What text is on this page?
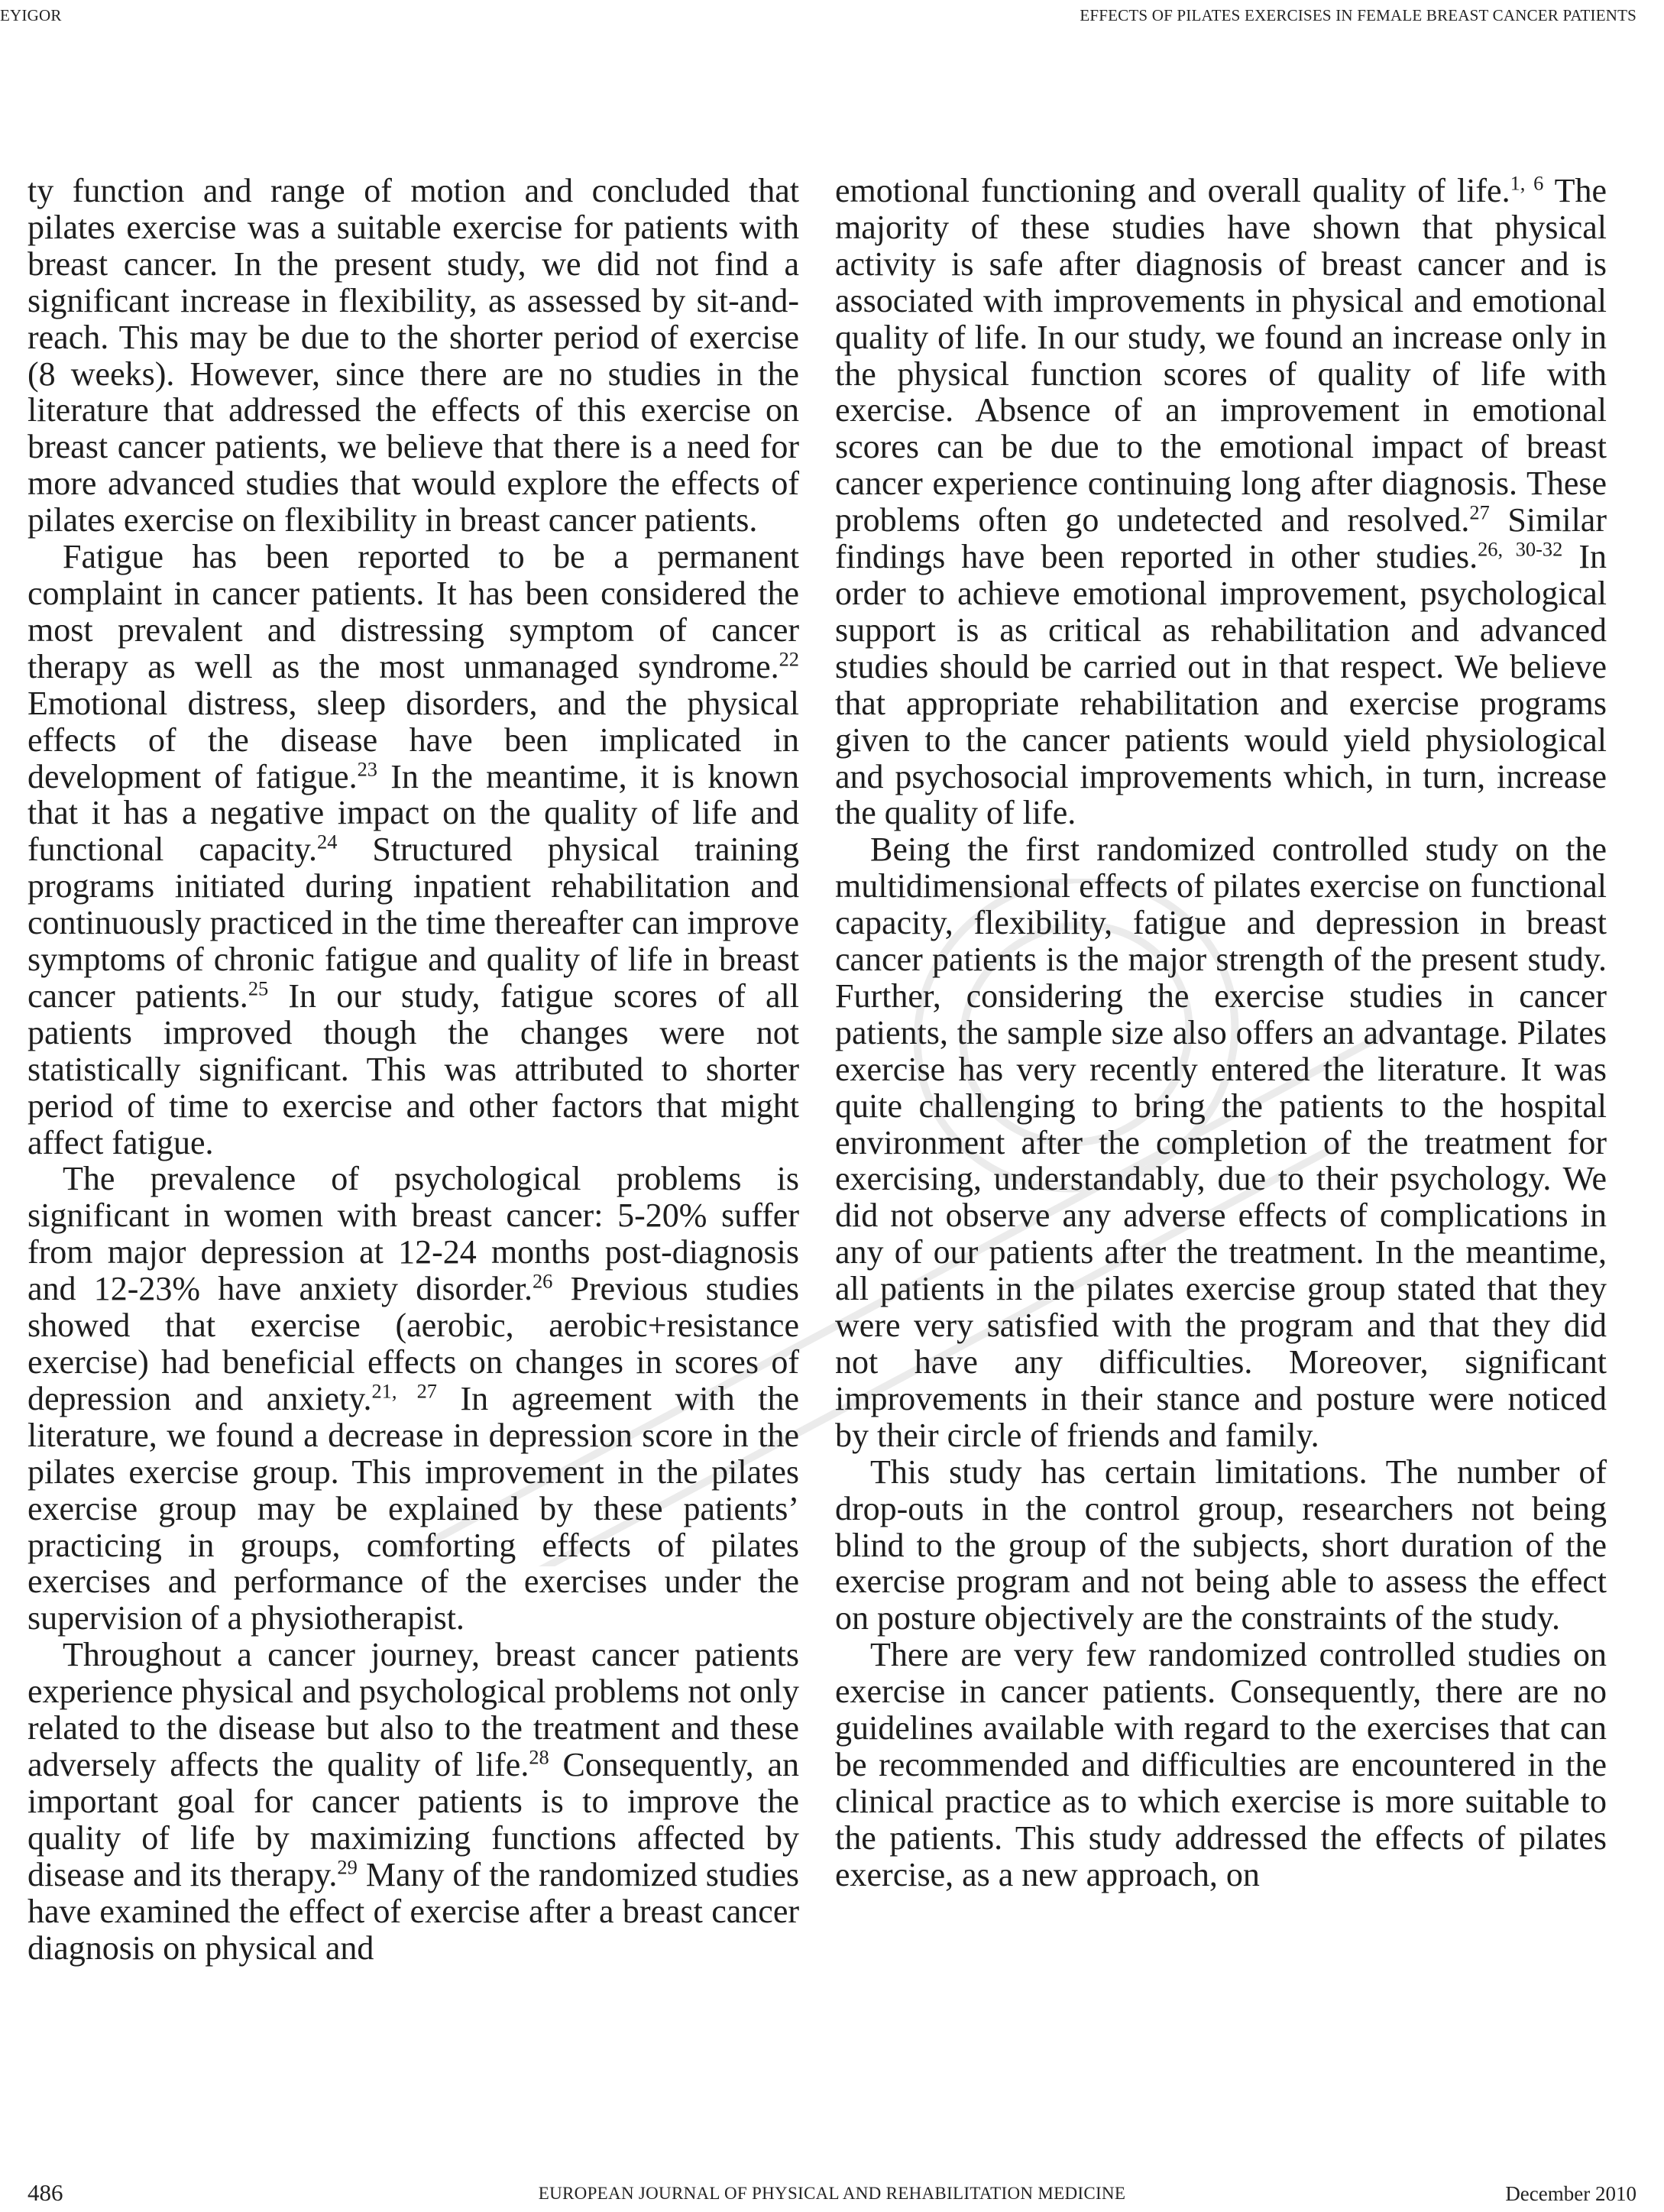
EYIGOR	EFFECTS OF PILATES EXERCISES IN FEMALE BREAST CANCER PATIENTS

ty function and range of motion and concluded that pilates exercise was a suitable exercise for patients with breast cancer. In the present study, we did not find a significant increase in flexibility, as assessed by sit-and-reach. This may be due to the shorter period of exercise (8 weeks). However, since there are no studies in the literature that addressed the effects of this exercise on breast cancer patients, we believe that there is a need for more advanced studies that would explore the effects of pilates exercise on flexibility in breast cancer patients.

Fatigue has been reported to be a permanent complaint in cancer patients. It has been considered the most prevalent and distressing symptom of cancer therapy as well as the most unmanaged syndrome.$^{22}$ Emotional distress, sleep disorders, and the physical effects of the disease have been implicated in development of fatigue.$^{23}$ In the meantime, it is known that it has a negative impact on the quality of life and functional capacity.$^{24}$ Structured physical training programs initiated during inpatient rehabilitation and continuously practiced in the time thereafter can improve symptoms of chronic fatigue and quality of life in breast cancer patients.$^{25}$ In our study, fatigue scores of all patients improved though the changes were not statistically significant. This was attributed to shorter period of time to exercise and other factors that might affect fatigue.

The prevalence of psychological problems is significant in women with breast cancer: 5-20% suffer from major depression at 12-24 months post-diagnosis and 12-23% have anxiety disorder.$^{26}$ Previous studies showed that exercise (aerobic, aerobic+resistance exercise) had beneficial effects on changes in scores of depression and anxiety.$^{21, 27}$ In agreement with the literature, we found a decrease in depression score in the pilates exercise group. This improvement in the pilates exercise group may be explained by these patients’ practicing in groups, comforting effects of pilates exercises and performance of the exercises under the supervision of a physiotherapist.

Throughout a cancer journey, breast cancer patients experience physical and psychological problems not only related to the disease but also to the treatment and these adversely affects the quality of life.$^{28}$ Consequently, an important goal for cancer patients is to improve the quality of life by maximizing functions affected by disease and its therapy.$^{29}$ Many of the randomized studies have examined the effect of exercise after a breast cancer diagnosis on physical and

emotional functioning and overall quality of life.$^{1, 6}$ The majority of these studies have shown that physical activity is safe after diagnosis of breast cancer and is associated with improvements in physical and emotional quality of life. In our study, we found an increase only in the physical function scores of quality of life with exercise. Absence of an improvement in emotional scores can be due to the emotional impact of breast cancer experience continuing long after diagnosis. These problems often go undetected and resolved.$^{27}$ Similar findings have been reported in other studies.$^{26, 30-32}$ In order to achieve emotional improvement, psychological support is as critical as rehabilitation and advanced studies should be carried out in that respect. We believe that appropriate rehabilitation and exercise programs given to the cancer patients would yield physiological and psychosocial improvements which, in turn, increase the quality of life.

Being the first randomized controlled study on the multidimensional effects of pilates exercise on functional capacity, flexibility, fatigue and depression in breast cancer patients is the major strength of the present study. Further, considering the exercise studies in cancer patients, the sample size also offers an advantage. Pilates exercise has very recently entered the literature. It was quite challenging to bring the patients to the hospital environment after the completion of the treatment for exercising, understandably, due to their psychology. We did not observe any adverse effects of complications in any of our patients after the treatment. In the meantime, all patients in the pilates exercise group stated that they were very satisfied with the program and that they did not have any difficulties. Moreover, significant improvements in their stance and posture were noticed by their circle of friends and family.

This study has certain limitations. The number of drop-outs in the control group, researchers not being blind to the group of the subjects, short duration of the exercise program and not being able to assess the effect on posture objectively are the constraints of the study.

There are very few randomized controlled studies on exercise in cancer patients. Consequently, there are no guidelines available with regard to the exercises that can be recommended and difficulties are encountered in the clinical practice as to which exercise is more suitable to the patients. This study addressed the effects of pilates exercise, as a new approach, on

486	EUROPEAN JOURNAL OF PHYSICAL AND REHABILITATION MEDICINE	December 2010
